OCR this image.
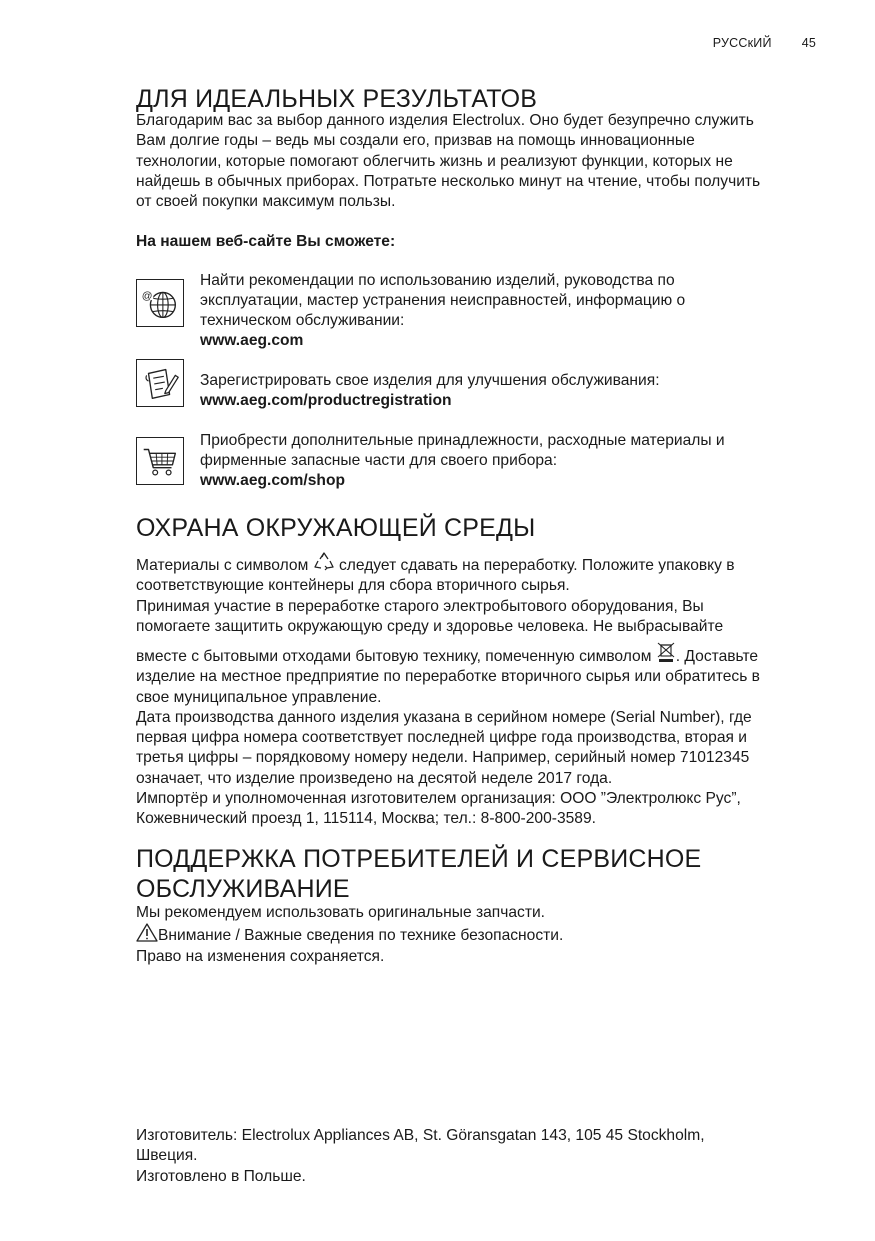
РУССкИЙ 45
ДЛЯ ИДЕАЛЬНЫХ РЕЗУЛЬТАТОВ

Благодарим вас за выбор данного изделия Electrolux. Оно будет безупречно служить
Вам долгие годы – ведь мы создали его, призвав на помощь инновационные
технологии, которые помогают облегчить жизнь и реализуют функции, которых не
найдешь в обычных приборах. Потратьте несколько минут на чтение, чтобы получить
от своей покупки максимум пользы.

На нашем веб-сайте Вы сможете:

@

Найти рекомендации по использованию изделий, руководства по
эксплуатации, мастер устранения неисправностей, информацию о
техническом обслуживании:
www.aeg.com

Зарегистрировать свое изделия для улучшения обслуживания:
www.aeg.com/productregistration

Приобрести дополнительные принадлежности, расходные материалы и
фирменные запасные части для своего прибора:
www.aeg.com/shop

ОХРАНА ОКРУЖАЮЩЕЙ СРЕДЫ

Материалы с символом следует сдавать на переработку. Положите упаковку в
соответствующие контейнеры для сбора вторичного сырья.
Принимая участие в переработке старого электробытового оборудования, Вы
помогаете защитить окружающую среду и здоровье человека. Не выбрасывайте

вместе с бытовыми отходами бытовую технику, помеченную символом . Доставьте
изделие на местное предприятие по переработке вторичного сырья или обратитесь в
свое муниципальное управление.
Дата производства данного изделия указана в серийном номере (Serial Number), где
первая цифра номера соответствует последней цифре года производства, вторая и
третья цифры – порядковому номеру недели. Например, серийный номер 71012345
означает, что изделие произведено на десятой неделе 2017 года.
Импортёр и уполномоченная изготовителем организация: ООО ”Электролюкс Рус”,
Кожевнический проезд 1, 115114, Москва; тел.: 8-800-200-3589.

ПОДДЕРЖКА ПОТРЕБИТЕЛЕЙ И СЕРВИСНОЕ
ОБСЛУЖИВАНИЕ

Мы рекомендуем использовать оригинальные запчасти.
Внимание / Важные сведения по технике безопасности.
Право на изменения сохраняется.

Изготовитель: Electrolux Appliances AB, St. Göransgatan 143, 105 45 Stockholm,
Швеция.
Изготовлено в Польше.
